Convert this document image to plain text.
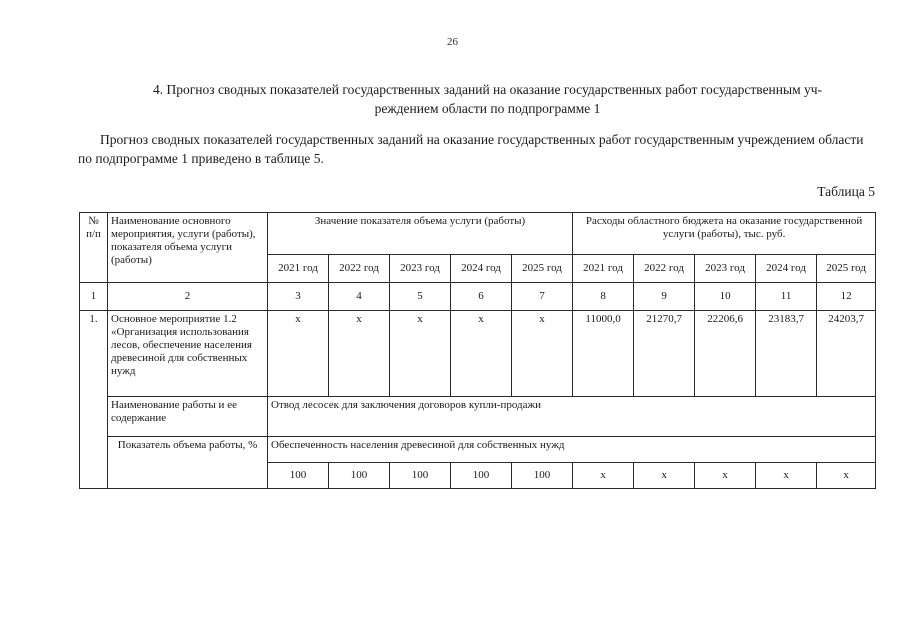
26
4. Прогноз сводных показателей государственных заданий на оказание государственных работ государственным уч-
реждением области по подпрограмме 1
Прогноз сводных показателей государственных заданий на оказание государственных работ государственным учреждением области по подпрограмме 1 приведено в таблице 5.
Таблица 5
№ п/п	Наименование основного мероприятия, услуги (работы), показателя объема услуги (работы)	Значение показателя объема услуги (работы)					Расходы областного бюджета на оказание государственной услуги (работы), тыс. руб.				
		2021 год	2022 год	2023 год	2024 год	2025 год	2021 год	2022 год	2023 год	2024 год	2025 год
1	2	3	4	5	6	7	8	9	10	11	12
1.	Основное мероприятие 1.2 «Организация использования лесов, обеспечение населения древесиной для собственных нужд	х	х	х	х	х	11000,0	21270,7	22206,6	23183,7	24203,7
	Наименование работы и ее содержание	Отвод лесосек для заключения договоров купли-продажи									
	Показатель объема работы, %	Обеспеченность населения древесиной для собственных нужд									
		100	100	100	100	100	х	х	х	х	х
